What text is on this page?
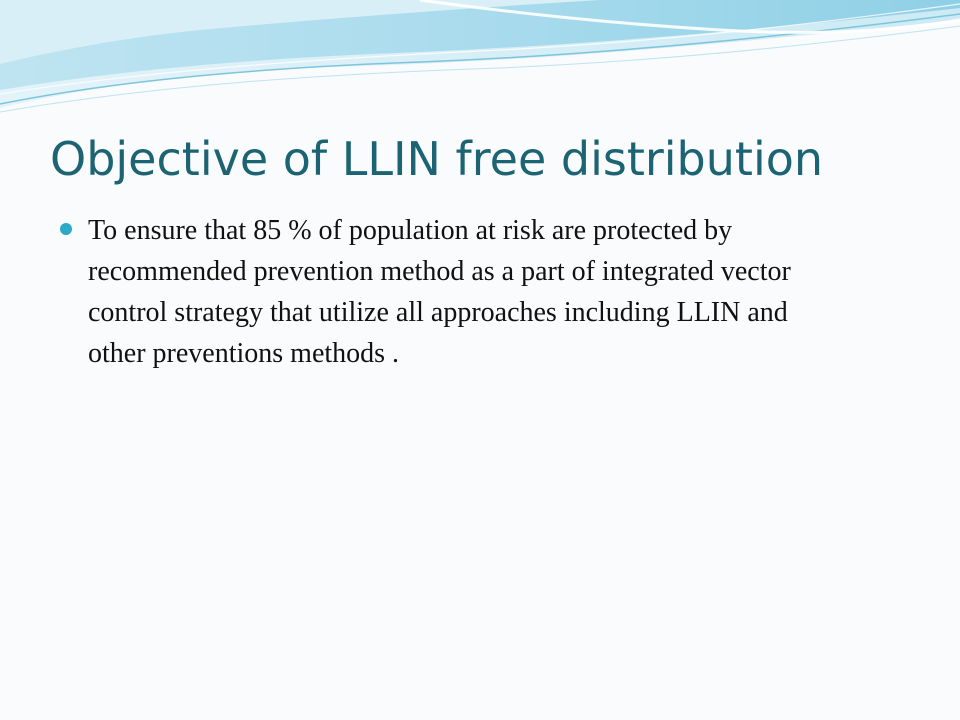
Objective of LLIN free distribution
To ensure that 85 % of population at risk are protected by recommended prevention method as a part of integrated vector control strategy that utilize all approaches including LLIN and other preventions methods .
